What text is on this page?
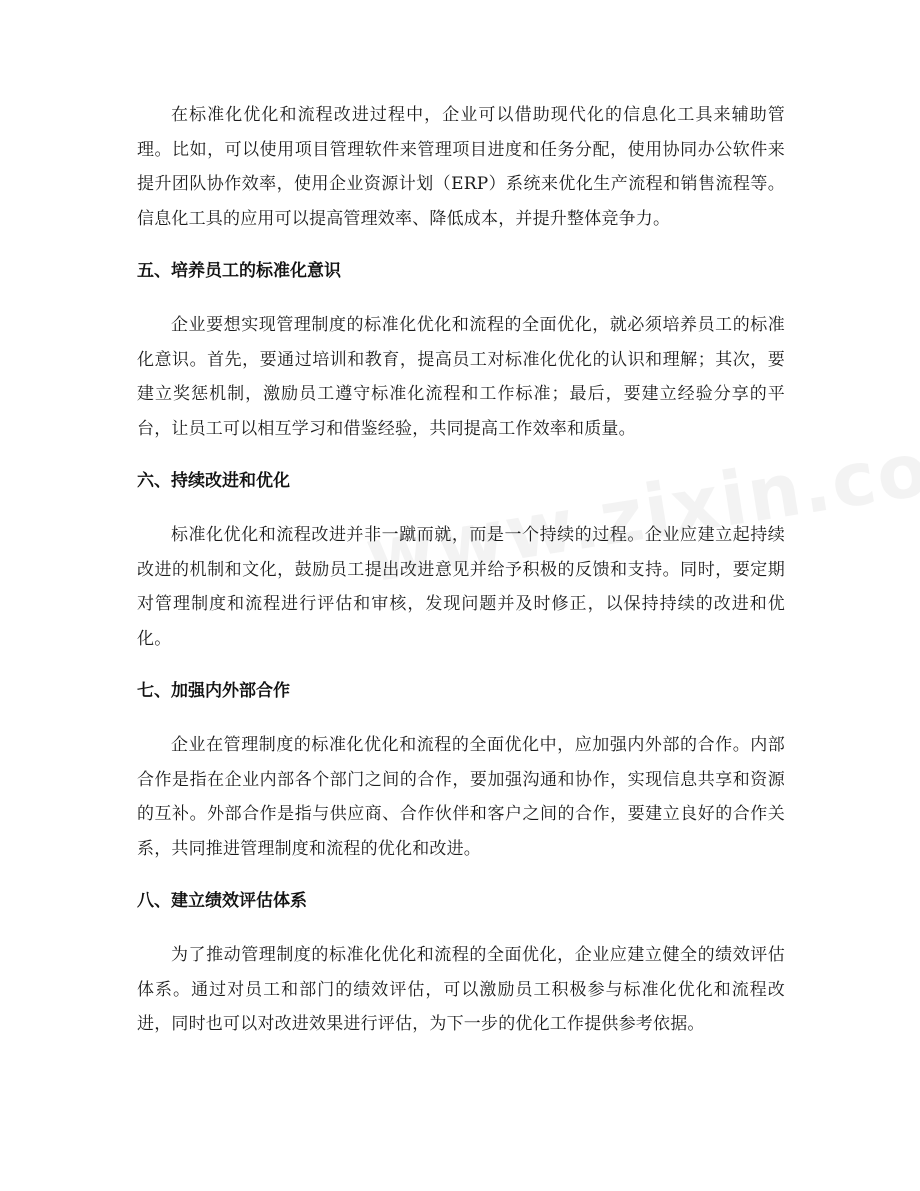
在标准化优化和流程改进过程中，企业可以借助现代化的信息化工具来辅助管理。比如，可以使用项目管理软件来管理项目进度和任务分配，使用协同办公软件来提升团队协作效率，使用企业资源计划（ERP）系统来优化生产流程和销售流程等。信息化工具的应用可以提高管理效率、降低成本，并提升整体竞争力。

五、培养员工的标准化意识

企业要想实现管理制度的标准化优化和流程的全面优化，就必须培养员工的标准化意识。首先，要通过培训和教育，提高员工对标准化优化的认识和理解；其次，要建立奖惩机制，激励员工遵守标准化流程和工作标准；最后，要建立经验分享的平台，让员工可以相互学习和借鉴经验，共同提高工作效率和质量。

六、持续改进和优化

标准化优化和流程改进并非一蹴而就，而是一个持续的过程。企业应建立起持续改进的机制和文化，鼓励员工提出改进意见并给予积极的反馈和支持。同时，要定期对管理制度和流程进行评估和审核，发现问题并及时修正，以保持持续的改进和优化。

七、加强内外部合作

企业在管理制度的标准化优化和流程的全面优化中，应加强内外部的合作。内部合作是指在企业内部各个部门之间的合作，要加强沟通和协作，实现信息共享和资源的互补。外部合作是指与供应商、合作伙伴和客户之间的合作，要建立良好的合作关系，共同推进管理制度和流程的优化和改进。

八、建立绩效评估体系

为了推动管理制度的标准化优化和流程的全面优化，企业应建立健全的绩效评估体系。通过对员工和部门的绩效评估，可以激励员工积极参与标准化优化和流程改进，同时也可以对改进效果进行评估，为下一步的优化工作提供参考依据。
